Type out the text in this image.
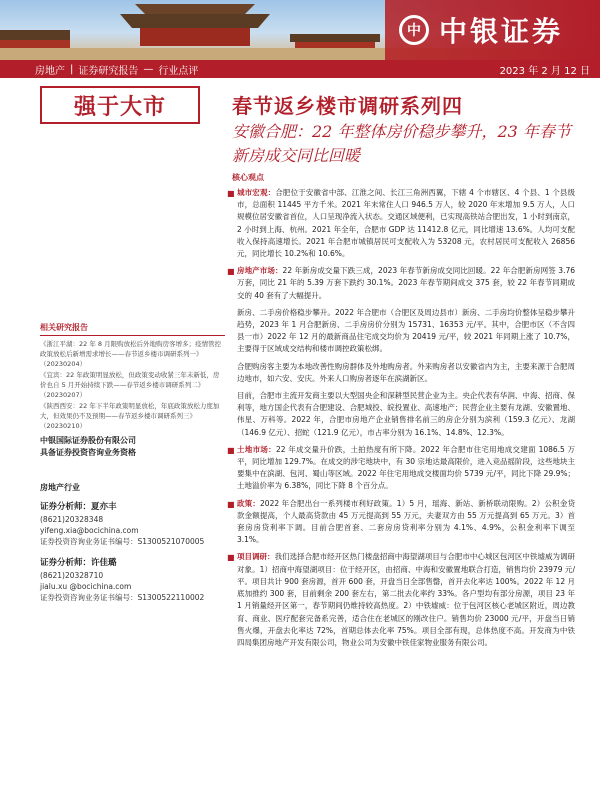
中 中银证券
房地产 | 证券研究报告 — 行业点评	2023 年 2 月 12 日
强于大市	春节返乡楼市调研系列四
安徽合肥：22 年整体房价稳步攀升，23 年春节新房成交同比回暖
相关研究报告
《浙江平湖：22 年 8 月限购放松后外地购房客增多；疫情管控政策放松后新增需求增长——春节返乡楼市调研系列一》（20230204）
《宜宾：22 年政策明显放松，但政策变动收紧三年未新低，房价也自 5 月开始持续下跌——春节返乡楼市调研系列二》（20230207）
《陕西西安：22 年下半年政策明显放松，年底政策放松力度加大，但效果仍不及预期——春节返乡楼市调研系列三》（20230210）
中银国际证券股份有限公司
具备证券投资咨询业务资格
房地产行业
证券分析师：夏亦丰
(8621)20328348
yifeng.xia@bocichina.com
证券投资咨询业务证书编号：S1300521070005
证券分析师：许佳璐
(8621)20328710
jialu.xu @bocichina.com
证券投资咨询业务证书编号：S1300522110002
核心观点
■ 城市宏观：合肥位于安徽省中部、江淮之间、长江三角洲西翼，下辖 4 个市辖区、4 个县、1 个县级市，总面积 11445 平方千米。2021 年末常住人口 946.5 万人，较 2020 年末增加 9.5 万人，人口规模位居安徽省首位，人口呈现净流入状态。交通区域便利，已实现高铁站合肥出发，1 小时到南京，2 小时到上海、杭州。2021 年全年，合肥市 GDP 达 11412.8 亿元，同比增速 13.6%。人均可支配收入保持高速增长。2021 年合肥市城镇居民可支配收入为 53208 元，农村居民可支配收入 26856 元，同比增长 10.2%和 10.6%。
■ 房地产市场：22 年新房成交量下跌三成，2023 年春节新房成交同比回暖。22 年合肥新房网签 3.76 万套，同比 21 年的 5.39 万套下跌约 30.1%。2023 年春节期间成交 375 套，较 22 年春节同期成交的 40 套有了大幅提升。
新房、二手房价格稳步攀升。2022 年合肥市（合肥区及周边县市）新房、二手房均价整体呈稳步攀升趋势，2023 年 1 月合肥新房、二手房房价分别为 15731、16353 元/平。其中，合肥市区（不含四县一市）2022 年 12 月的最新商品住宅成交均价为 20419 元/平，较 2021 年同期上涨了 10.7%，主要得于区域成交结构和楼市调控政策松绑。
合肥购房客主要为本地改善性购房群体及外地购房者。外来购房者以安徽省内为主，主要来源于合肥周边地市，如六安、安庆。外来人口购房者逐年在滨湖新区。
目前，合肥市主流开发商主要以大型国央企和深耕型民营企业为主。央企代表有华润、中海、招商、保利等，地方国企代表有合肥建设、合肥城投、皖投置业、高速地产；民营企业主要有龙湖、安徽置地、伟星、万科等。2022 年，合肥市房地产企业销售排名前三的房企分别为滨利（159.3 亿元）、龙湖（146.9 亿元）、招蛇（121.9 亿元），市占率分别为 16.1%、14.8%、12.3%。
■ 土地市场：22 年成交量升价跌，土拍热度有所下降。2022 年合肥市住宅用地成交建面 1086.5 万平，同比增加 129.7%。在成交的涉宅地块中，有 30 宗地达最高限价，进入竞品摇阶段，这些地块主要集中在滨湖、包河、蜀山等区域。2022 年住宅用地成交楼面均价 5739 元/平，同比下降 29.9%；土地溢价率为 6.38%，同比下降 8 个百分点。
■ 政策：2022 年合肥出台一系列楼市利好政策。1）5 月，瑶海、新站、新桥联动限购。2）公积金贷款金额提高，个人最高贷款由 45 万元提高到 55 万元，夫妻双方由 55 万元提高到 65 万元。3）首套房房贷利率下调。目前合肥首套、二套房房贷利率分别为 4.1%、4.9%，公积金利率下调至 3.1%。
■ 项目调研：我们选择合肥市经开区热门楼盘招商中海望湖项目与合肥市中心城区包河区中铁墟威为调研对象。1）招商中海望湖项目：位于经开区，由招商、中海和安徽置地联合打造，销售均价 23979 元/平。项目共计 900 套房源，首开 600 套，开盘当日全部售罄，首开去化率达 100%。2022 年 12 月底加推约 300 套，目前剩余 200 套左右，第二批去化率约 33%。各户型均有部分房源，项目 23 年 1 月销量经开区第一，春节期间仍维持较高热度。2）中铁墟威：位于包河区核心老城区附近，周边教育、商业、医疗配套完备系完善，适合住在老城区的刚改住户。销售均价 23000 元/平，开盘当日销售火爆，开盘去化率达 72%，首期总体去化率 75%。项目全部有现，总体热度不高。开发商为中铁四局集团房地产开发有限公司，物业公司为安徽中铁佳家物业服务有限公司。
